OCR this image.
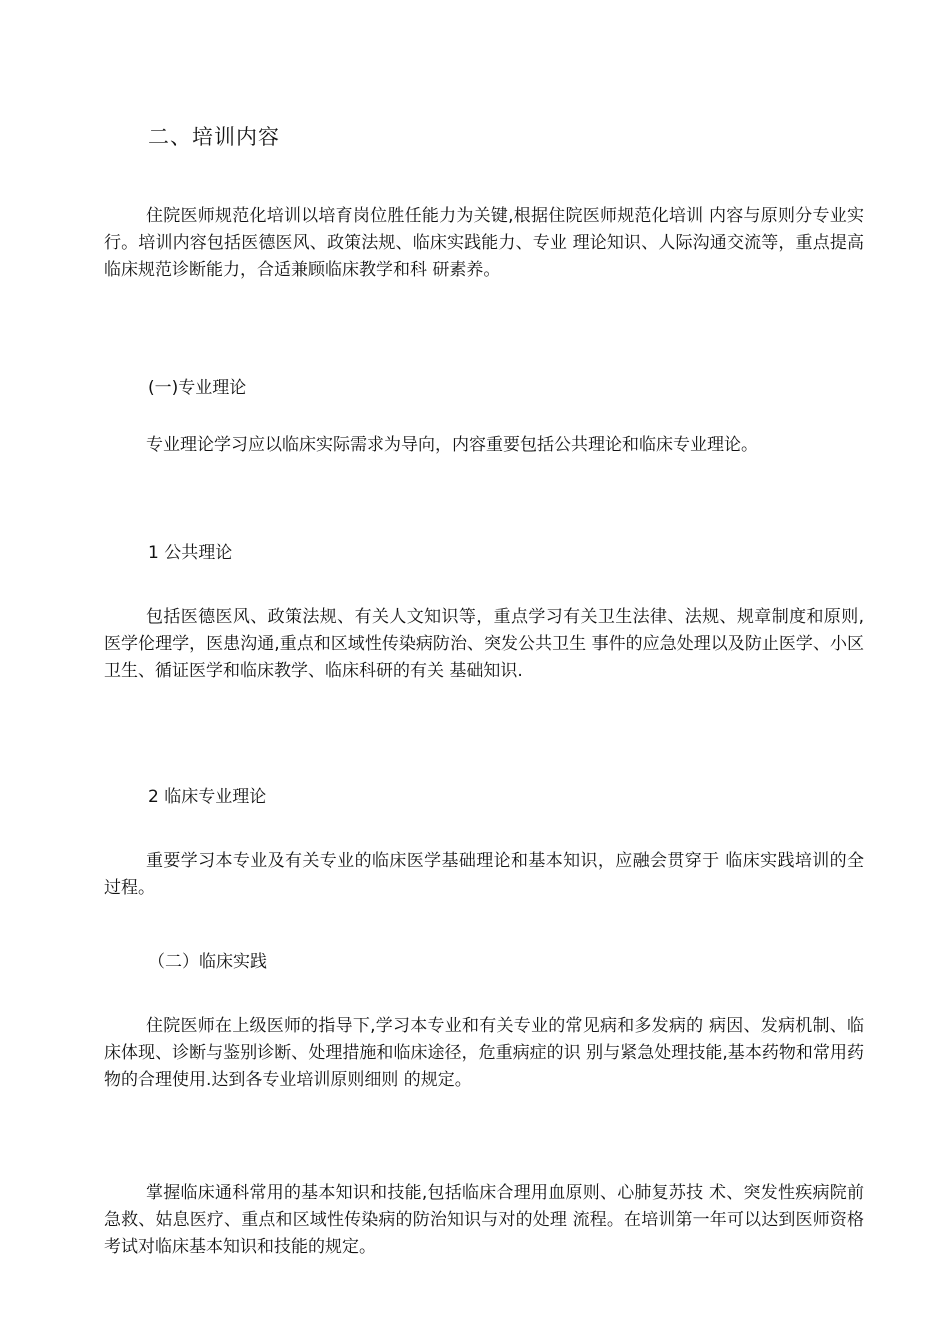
二、培训内容

住院医师规范化培训以培育岗位胜任能力为关键,根据住院医师规范化培训 内容与原则分专业实行。培训内容包括医德医风、政策法规、临床实践能力、专业 理论知识、人际沟通交流等，重点提高临床规范诊断能力，合适兼顾临床教学和科 研素养。

(一)专业理论

专业理论学习应以临床实际需求为导向，内容重要包括公共理论和临床专业理论。

1 公共理论

包括医德医风、政策法规、有关人文知识等，重点学习有关卫生法律、法规、规章制度和原则,医学伦理学，医患沟通,重点和区域性传染病防治、突发公共卫生 事件的应急处理以及防止医学、小区卫生、循证医学和临床教学、临床科研的有关 基础知识.

2 临床专业理论

重要学习本专业及有关专业的临床医学基础理论和基本知识，应融会贯穿于 临床实践培训的全过程。

（二）临床实践

住院医师在上级医师的指导下,学习本专业和有关专业的常见病和多发病的 病因、发病机制、临床体现、诊断与鉴别诊断、处理措施和临床途径，危重病症的识 别与紧急处理技能,基本药物和常用药物的合理使用.达到各专业培训原则细则 的规定。

掌握临床通科常用的基本知识和技能,包括临床合理用血原则、心肺复苏技 术、突发性疾病院前急救、姑息医疗、重点和区域性传染病的防治知识与对的处理 流程。在培训第一年可以达到医师资格考试对临床基本知识和技能的规定。
